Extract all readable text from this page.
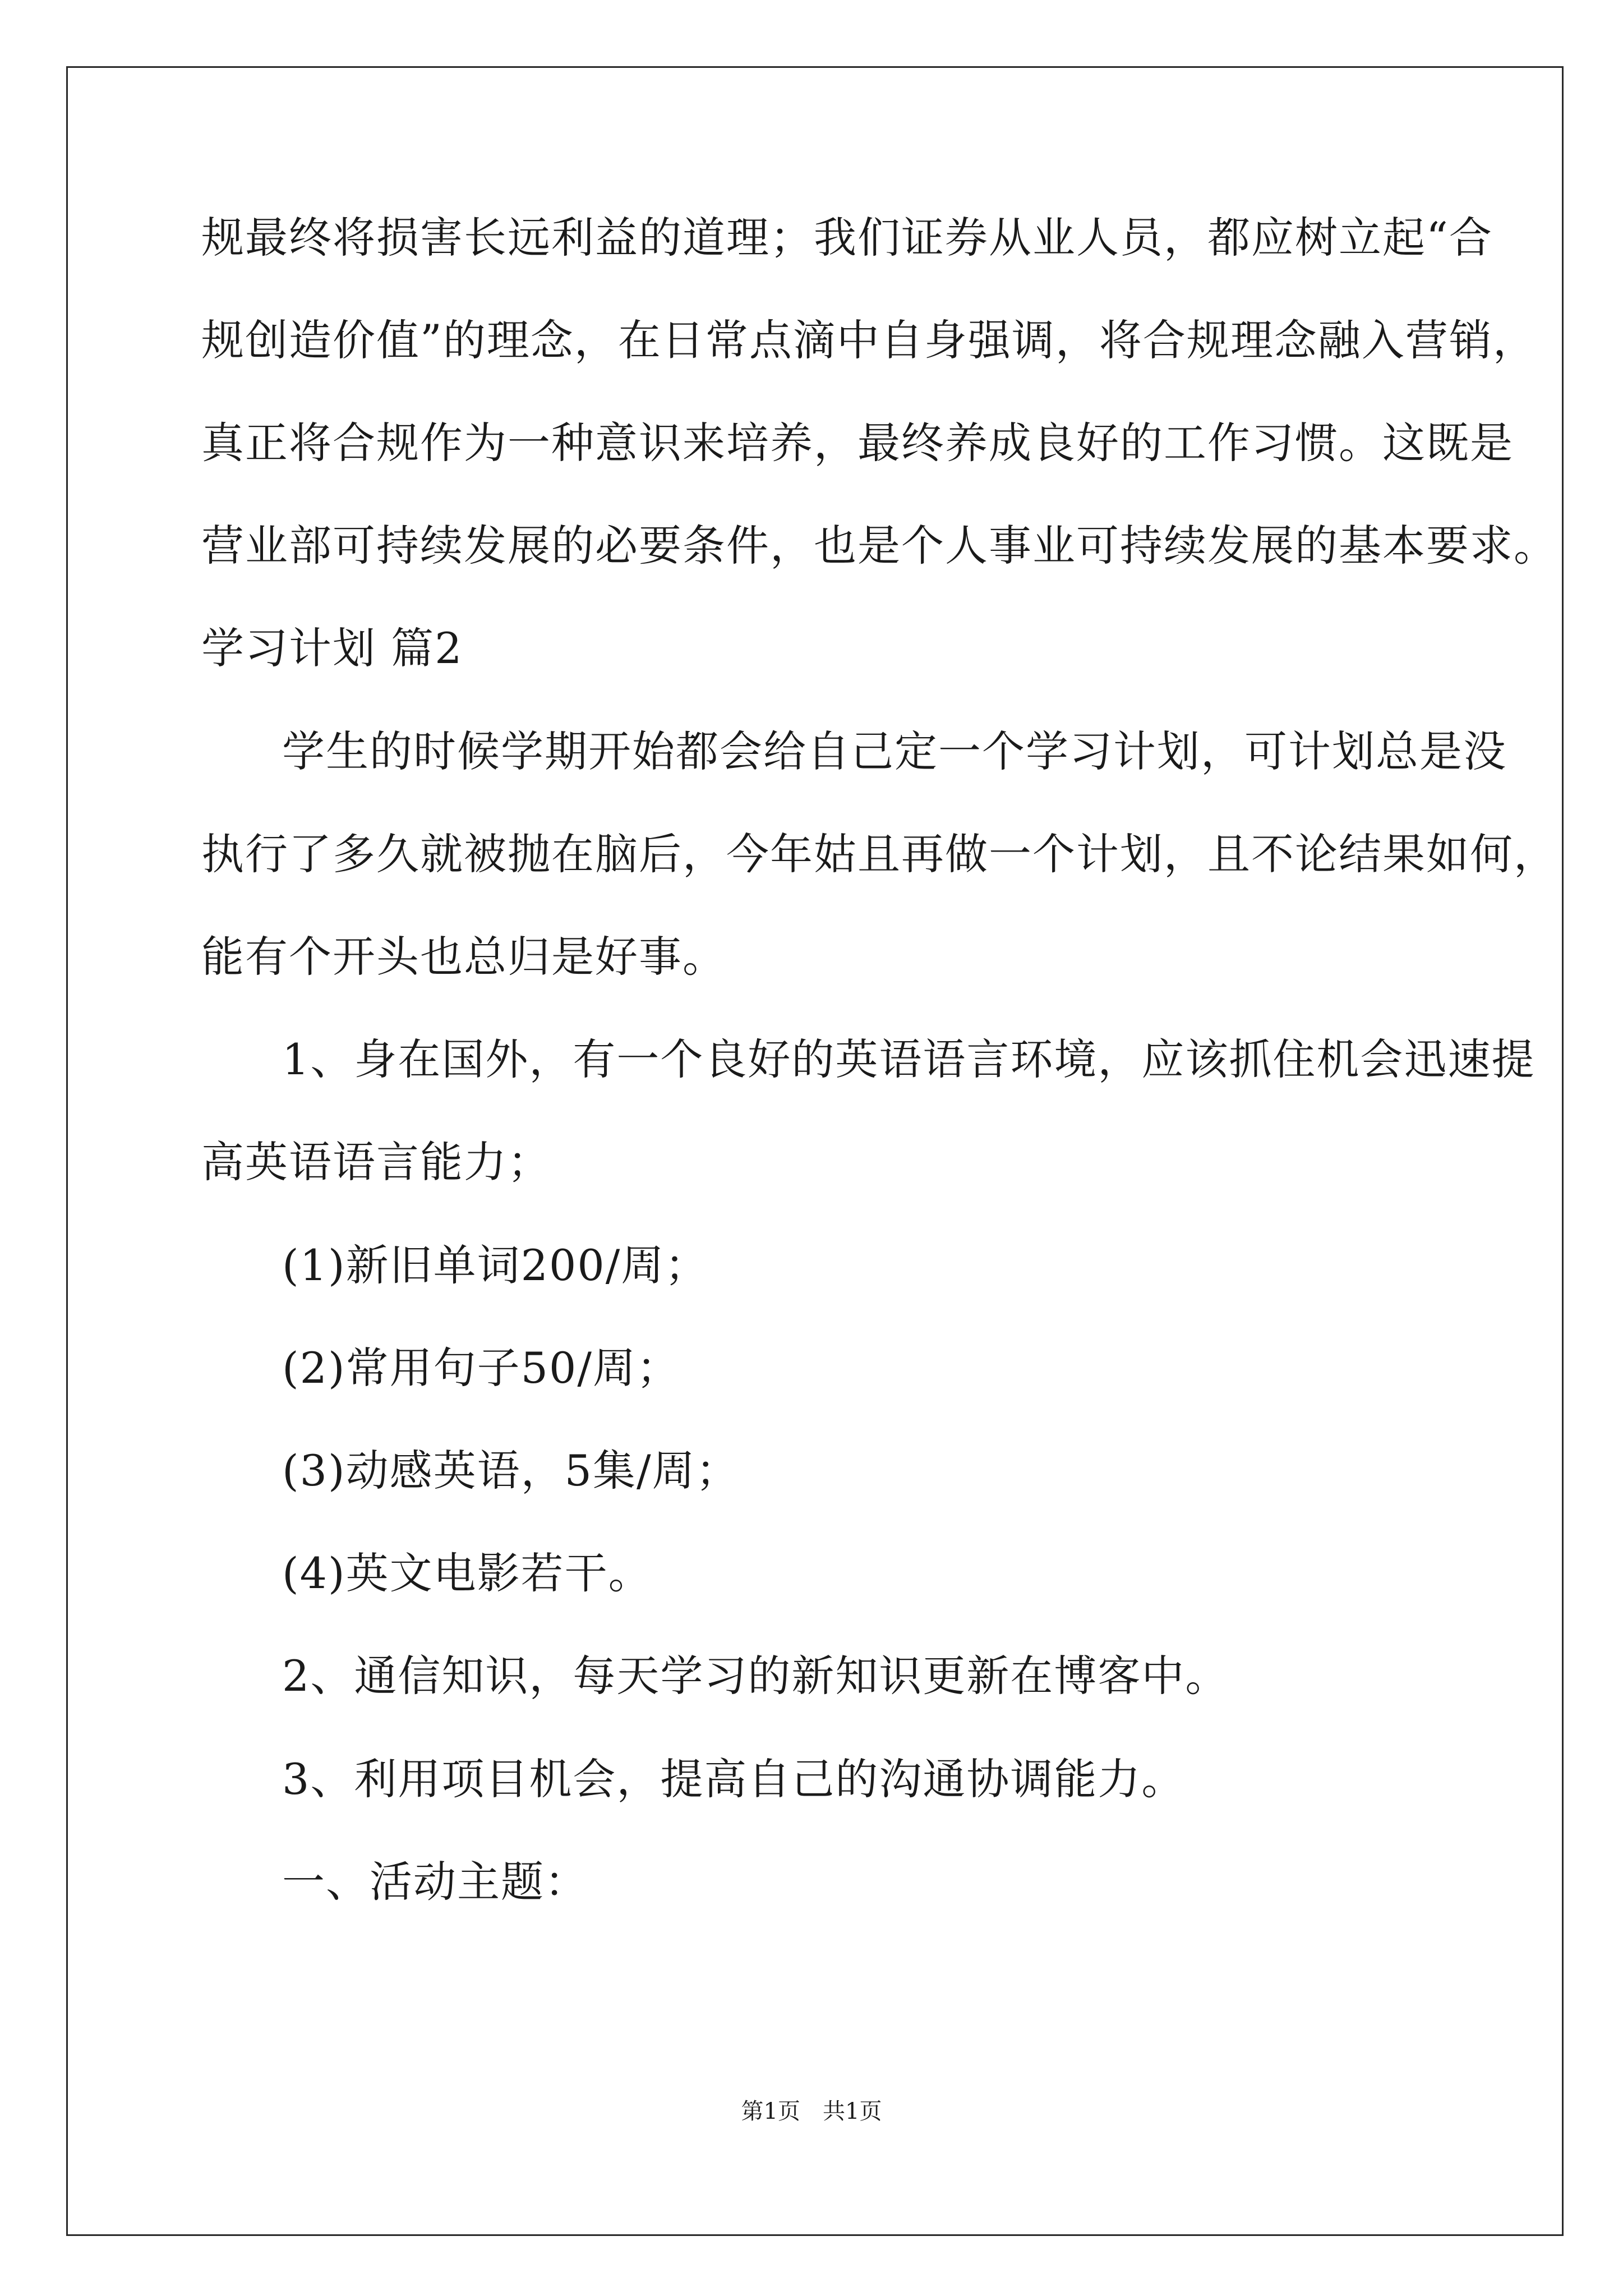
规最终将损害长远利益的道理；我们证券从业人员，都应树立起“合
规创造价值”的理念，在日常点滴中自身强调，将合规理念融入营销，
真正将合规作为一种意识来培养，最终养成良好的工作习惯。这既是
营业部可持续发展的必要条件，也是个人事业可持续发展的基本要求。
学习计划 篇2
学生的时候学期开始都会给自己定一个学习计划，可计划总是没
执行了多久就被抛在脑后，今年姑且再做一个计划，且不论结果如何，
能有个开头也总归是好事。
1、身在国外，有一个良好的英语语言环境，应该抓住机会迅速提
高英语语言能力；
(1)新旧单词200/周；
(2)常用句子50/周；
(3)动感英语，5集/周；
(4)英文电影若干。
2、通信知识，每天学习的新知识更新在博客中。
3、利用项目机会，提高自己的沟通协调能力。
一、活动主题：
第1页　共1页
